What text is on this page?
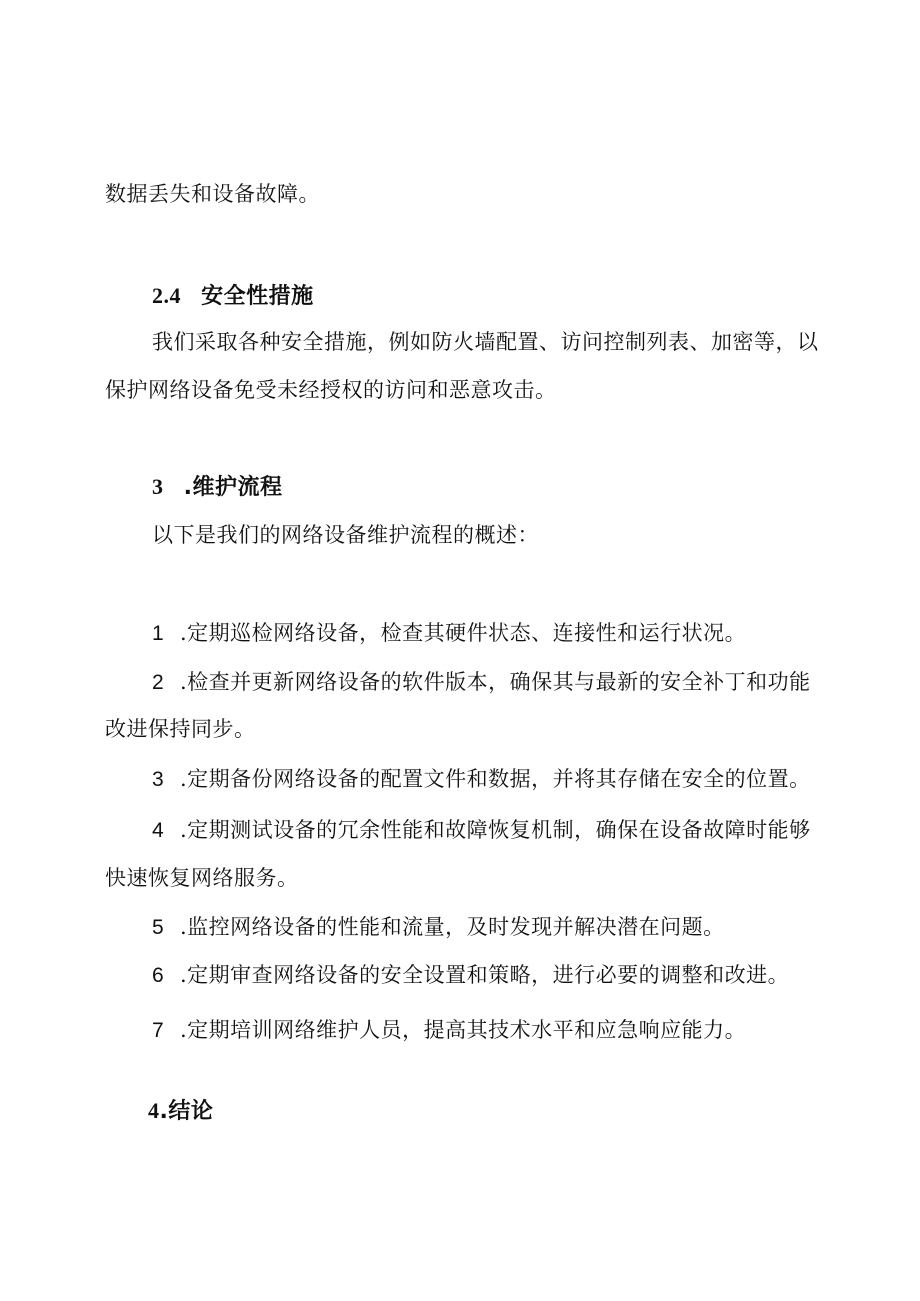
数据丢失和设备故障。
2.4 安全性措施
我们采取各种安全措施，例如防火墙配置、访问控制列表、加密等，以
保护网络设备免受未经授权的访问和恶意攻击。
3 .维护流程
以下是我们的网络设备维护流程的概述：
1 .定期巡检网络设备，检查其硬件状态、连接性和运行状况。
2 .检查并更新网络设备的软件版本，确保其与最新的安全补丁和功能
改进保持同步。
3 .定期备份网络设备的配置文件和数据，并将其存储在安全的位置。
4 .定期测试设备的冗余性能和故障恢复机制，确保在设备故障时能够
快速恢复网络服务。
5 .监控网络设备的性能和流量，及时发现并解决潜在问题。
6 .定期审查网络设备的安全设置和策略，进行必要的调整和改进。
7 .定期培训网络维护人员，提高其技术水平和应急响应能力。
4.结论
